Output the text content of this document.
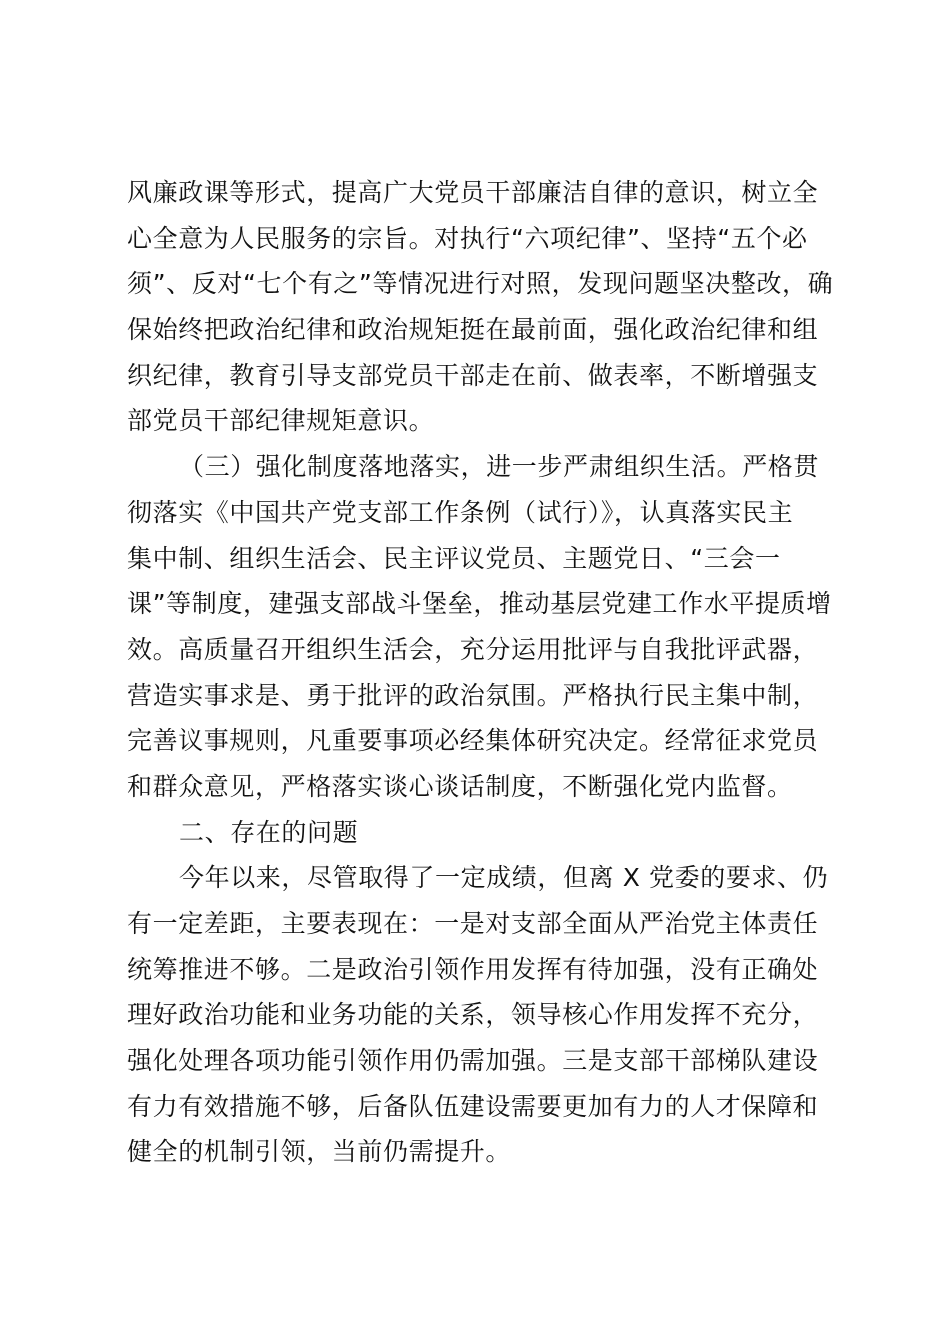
风廉政课等形式，提高广大党员干部廉洁自律的意识，树立全
心全意为人民服务的宗旨。对执行“六项纪律”、坚持“五个必
须”、反对“七个有之”等情况进行对照，发现问题坚决整改，确
保始终把政治纪律和政治规矩挺在最前面，强化政治纪律和组
织纪律，教育引导支部党员干部走在前、做表率，不断增强支
部党员干部纪律规矩意识。
（三）强化制度落地落实，进一步严肃组织生活。严格贯
彻落实《中国共产党支部工作条例（试行）》，认真落实民主
集中制、组织生活会、民主评议党员、主题党日、“三会一
课”等制度，建强支部战斗堡垒，推动基层党建工作水平提质增
效。高质量召开组织生活会，充分运用批评与自我批评武器，
营造实事求是、勇于批评的政治氛围。严格执行民主集中制，
完善议事规则，凡重要事项必经集体研究决定。经常征求党员
和群众意见，严格落实谈心谈话制度，不断强化党内监督。
二、存在的问题
今年以来，尽管取得了一定成绩，但离 X 党委的要求、仍
有一定差距，主要表现在：一是对支部全面从严治党主体责任
统筹推进不够。二是政治引领作用发挥有待加强，没有正确处
理好政治功能和业务功能的关系，领导核心作用发挥不充分，
强化处理各项功能引领作用仍需加强。三是支部干部梯队建设
有力有效措施不够，后备队伍建设需要更加有力的人才保障和
健全的机制引领，当前仍需提升。
